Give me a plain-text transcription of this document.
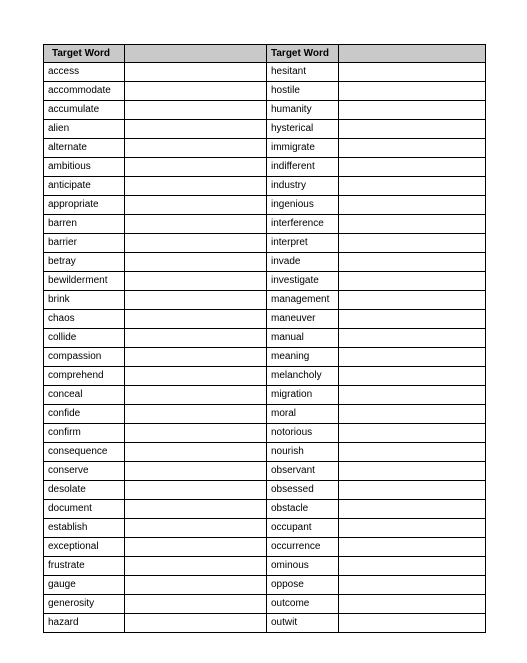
Target Word		Target Word	
access		hesitant	
accommodate		hostile	
accumulate		humanity	
alien		hysterical	
alternate		immigrate	
ambitious		indifferent	
anticipate		industry	
appropriate		ingenious	
barren		interference	
barrier		interpret	
betray		invade	
bewilderment		investigate	
brink		management	
chaos		maneuver	
collide		manual	
compassion		meaning	
comprehend		melancholy	
conceal		migration	
confide		moral	
confirm		notorious	
consequence		nourish	
conserve		observant	
desolate		obsessed	
document		obstacle	
establish		occupant	
exceptional		occurrence	
frustrate		ominous	
gauge		oppose	
generosity		outcome	
hazard		outwit	
